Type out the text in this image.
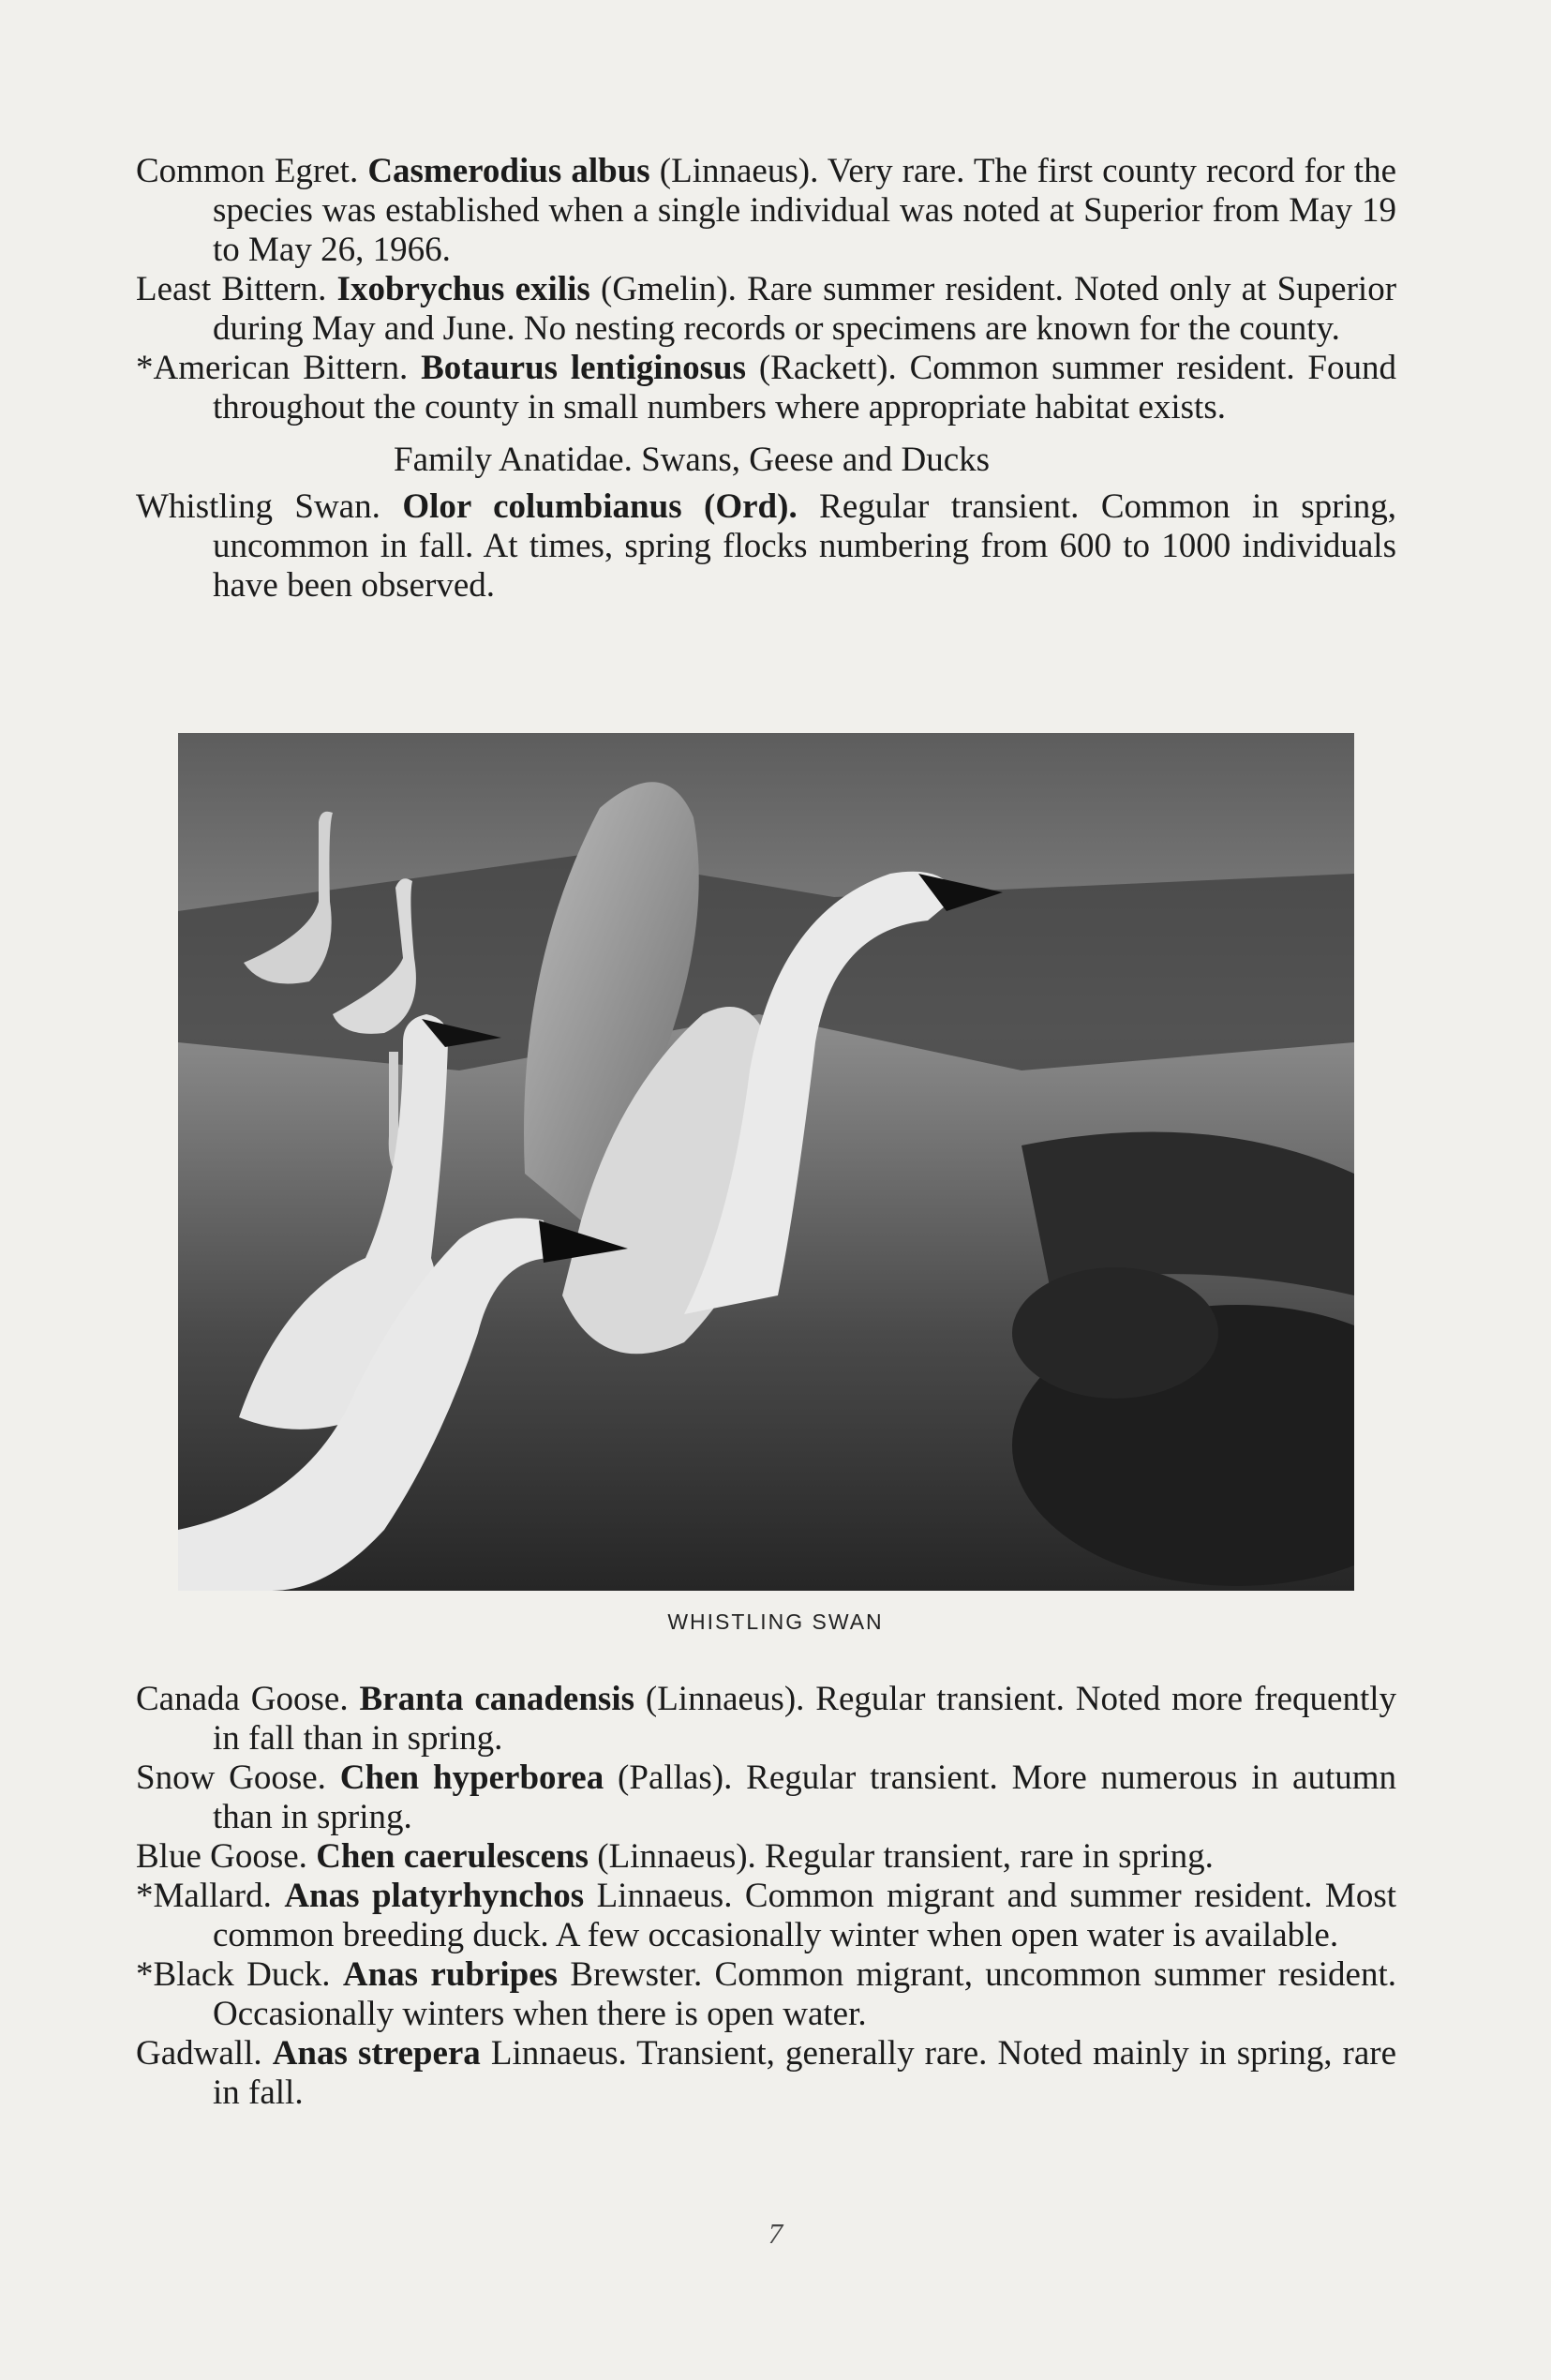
Common Egret. Casmerodius albus (Linnaeus). Very rare. The first county record for the species was established when a single individual was noted at Superior from May 19 to May 26, 1966.

Least Bittern. Ixobrychus exilis (Gmelin). Rare summer resident. Noted only at Superior during May and June. No nesting records or specimens are known for the county.

*American Bittern. Botaurus lentiginosus (Rackett). Common summer resident. Found throughout the county in small numbers where appropriate habitat exists.

Family Anatidae. Swans, Geese and Ducks

Whistling Swan. Olor columbianus (Ord). Regular transient. Common in spring, uncommon in fall. At times, spring flocks numbering from 600 to 1000 individuals have been observed.

WHISTLING SWAN

Canada Goose. Branta canadensis (Linnaeus). Regular transient. Noted more frequently in fall than in spring.

Snow Goose. Chen hyperborea (Pallas). Regular transient. More numerous in autumn than in spring.

Blue Goose. Chen caerulescens (Linnaeus). Regular transient, rare in spring.

*Mallard. Anas platyrhynchos Linnaeus. Common migrant and summer resident. Most common breeding duck. A few occasionally winter when open water is available.

*Black Duck. Anas rubripes Brewster. Common migrant, uncommon summer resident. Occasionally winters when there is open water.

Gadwall. Anas strepera Linnaeus. Transient, generally rare. Noted mainly in spring, rare in fall.

7
